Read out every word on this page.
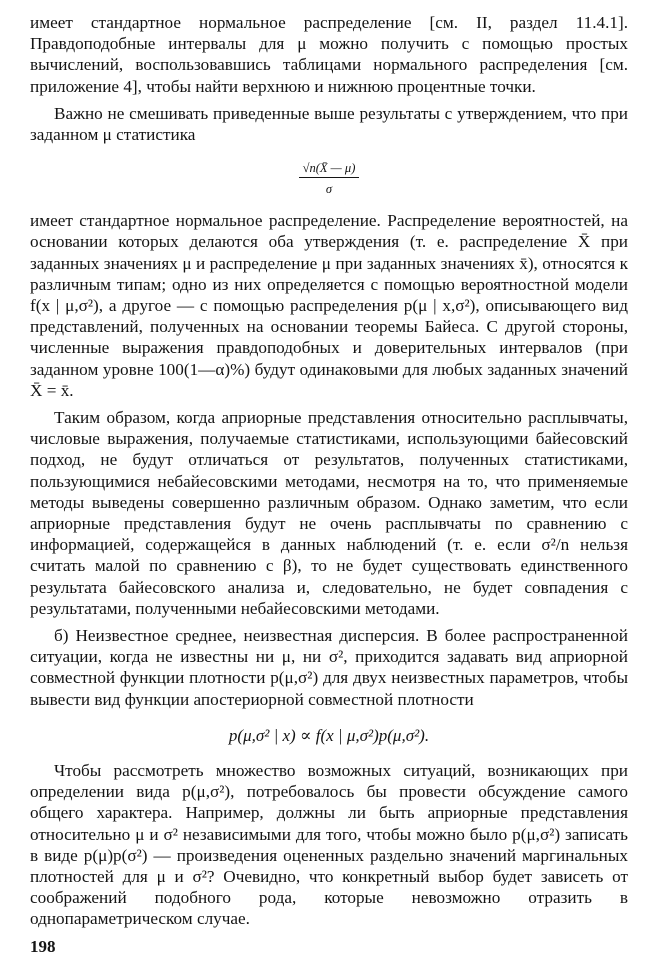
имеет стандартное нормальное распределение [см. II, раздел 11.4.1]. Правдоподобные интервалы для μ можно получить с помощью простых вычислений, воспользовавшись таблицами нормального распределения [см. приложение 4], чтобы найти верхнюю и нижнюю процентные точки.

Важно не смешивать приведенные выше результаты с утверждением, что при заданном μ статистика

$\frac{√n(X̄ — \mu)}{\sigma}$

имеет стандартное нормальное распределение. Распределение вероятностей, на основании которых делаются оба утверждения (т. е. распределение X̄ при заданных значениях μ и распределение μ при заданных значениях x̄), относятся к различным типам; одно из них определяется с помощью вероятностной модели f(x | μ,σ²), а другое — с помощью распределения p(μ | x,σ²), описывающего вид представлений, полученных на основании теоремы Байеса. С другой стороны, численные выражения правдоподобных и доверительных интервалов (при заданном уровне 100(1—α)%) будут одинаковыми для любых заданных значений X̄ = x̄.

Таким образом, когда априорные представления относительно расплывчаты, числовые выражения, получаемые статистиками, использующими байесовский подход, не будут отличаться от результатов, полученных статистиками, пользующимися небайесовскими методами, несмотря на то, что применяемые методы выведены совершенно различным образом. Однако заметим, что если априорные представления будут не очень расплывчаты по сравнению с информацией, содержащейся в данных наблюдений (т. е. если σ²/n нельзя считать малой по сравнению с β), то не будет существовать единственного результата байесовского анализа и, следовательно, не будет совпадения с результатами, полученными небайесовскими методами.

б) Неизвестное среднее, неизвестная дисперсия. В более распространенной ситуации, когда не известны ни μ, ни σ², приходится задавать вид априорной совместной функции плотности p(μ,σ²) для двух неизвестных параметров, чтобы вывести вид функции апостериорной совместной плотности

p(μ,σ² | x) ∝ f(x | μ,σ²)p(μ,σ²).

Чтобы рассмотреть множество возможных ситуаций, возникающих при определении вида p(μ,σ²), потребовалось бы провести обсуждение самого общего характера. Например, должны ли быть априорные представления относительно μ и σ² независимыми для того, чтобы можно было p(μ,σ²) записать в виде p(μ)p(σ²) — произведения оцененных раздельно значений маргинальных плотностей для μ и σ²? Очевидно, что конкретный выбор будет зависеть от соображений подобного рода, которые невозможно отразить в однопараметрическом случае.

198
